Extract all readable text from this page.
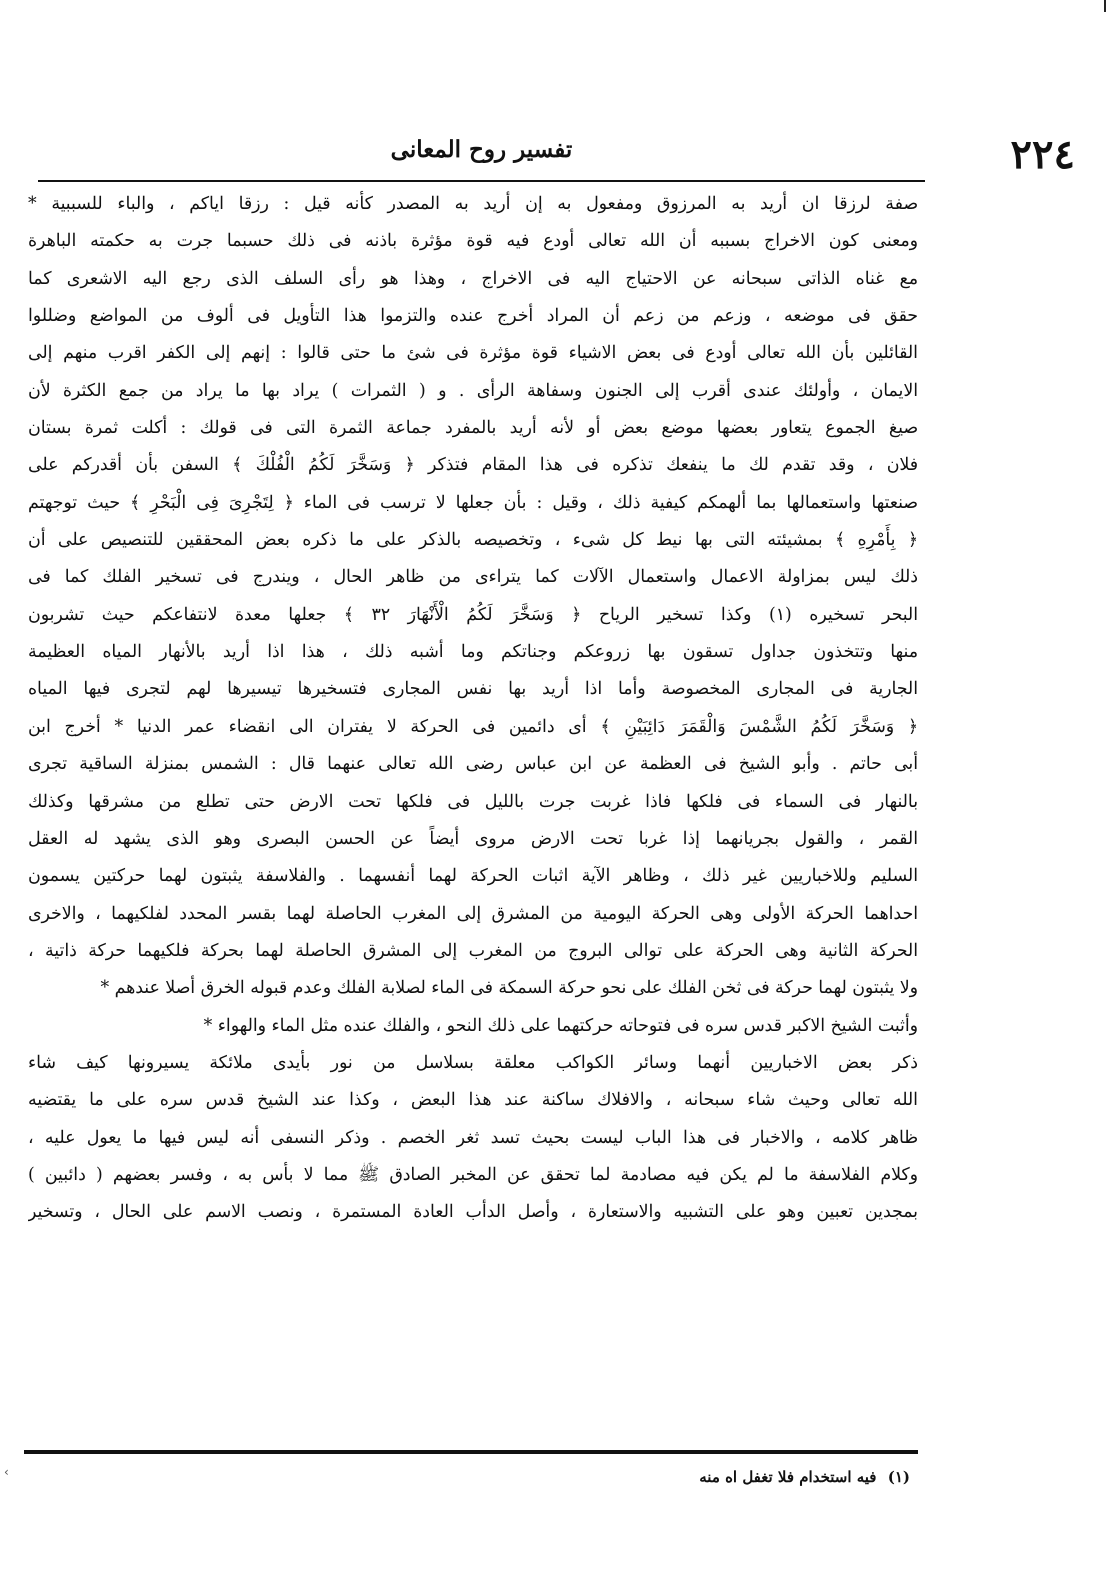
٢٢٤
تفسير روح المعانى
صفة لرزقا ان أريد به المرزوق ومفعول به إن أريد به المصدر كأنه قيل : رزقا اياكم ، والباء للسببية *
ومعنى كون الاخراج بسببه أن الله تعالى أودع فيه قوة مؤثرة باذنه فى ذلك حسبما جرت به حكمته الباهرة
مع غناه الذاتى سبحانه عن الاحتياج اليه فى الاخراج ، وهذا هو رأى السلف الذى رجع اليه الاشعرى كما
حقق فى موضعه ، وزعم من زعم أن المراد أخرج عنده والتزموا هذا التأويل فى ألوف من المواضع وضللوا
القائلين بأن الله تعالى أودع فى بعض الاشياء قوة مؤثرة فى شئ ما حتى قالوا : إنهم إلى الكفر اقرب منهم إلى
الايمان ، وأولئك عندى أقرب إلى الجنون وسفاهة الرأى . و ( الثمرات ) يراد بها ما يراد من جمع الكثرة لأن
صيغ الجموع يتعاور بعضها موضع بعض أو لأنه أريد بالمفرد جماعة الثمرة التى فى قولك : أكلت ثمرة بستان
فلان ، وقد تقدم لك ما ينفعك تذكره فى هذا المقام فتذكر ﴿ وَسَخَّرَ لَكُمُ الْفُلْكَ ﴾ السفن بأن أقدركم على
صنعتها واستعمالها بما ألهمكم كيفية ذلك ، وقيل : بأن جعلها لا ترسب فى الماء ﴿ لِتَجْرِىَ فِى الْبَحْرِ ﴾ حيث توجهتم
﴿ بِأَمْرِهِ ﴾ بمشيئته التى بها نيط كل شىء ، وتخصيصه بالذكر على ما ذكره بعض المحققين للتنصيص على أن
ذلك ليس بمزاولة الاعمال واستعمال الآلات كما يتراءى من ظاهر الحال ، ويندرج فى تسخير الفلك كما فى
البحر تسخيره (١) وكذا تسخير الرياح ﴿ وَسَخَّرَ لَكُمُ الْأَنْهَارَ ٣٢ ﴾ جعلها معدة لانتفاعكم حيث تشربون
منها وتتخذون جداول تسقون بها زروعكم وجناتكم وما أشبه ذلك ، هذا اذا أريد بالأنهار المياه العظيمة
الجارية فى المجارى المخصوصة وأما اذا أريد بها نفس المجارى فتسخيرها تيسيرها لهم لتجرى فيها المياه
﴿ وَسَخَّرَ لَكُمُ الشَّمْسَ وَالْقَمَرَ دَائِبَيْنِ ﴾ أى دائمين فى الحركة لا يفتران الى انقضاء عمر الدنيا * أخرج ابن
أبى حاتم . وأبو الشيخ فى العظمة عن ابن عباس رضى الله تعالى عنهما قال : الشمس بمنزلة الساقية تجرى
بالنهار فى السماء فى فلكها فاذا غربت جرت بالليل فى فلكها تحت الارض حتى تطلع من مشرقها وكذلك
القمر ، والقول بجريانهما إذا غربا تحت الارض مروى أيضاً عن الحسن البصرى وهو الذى يشهد له العقل
السليم وللاخباريين غير ذلك ، وظاهر الآية اثبات الحركة لهما أنفسهما . والفلاسفة يثبتون لهما حركتين يسمون
احداهما الحركة الأولى وهى الحركة اليومية من المشرق إلى المغرب الحاصلة لهما بقسر المحدد لفلكيهما ، والاخرى
الحركة الثانية وهى الحركة على توالى البروج من المغرب إلى المشرق الحاصلة لهما بحركة فلكيهما حركة ذاتية ،
ولا يثبتون لهما حركة فى ثخن الفلك على نحو حركة السمكة فى الماء لصلابة الفلك وعدم قبوله الخرق أصلا عندهم *
وأثبت الشيخ الاكبر قدس سره فى فتوحاته حركتهما على ذلك النحو ، والفلك عنده مثل الماء والهواء *
ذكر بعض الاخباريين أنهما وسائر الكواكب معلقة بسلاسل من نور بأيدى ملائكة يسيرونها كيف شاء
الله تعالى وحيث شاء سبحانه ، والافلاك ساكنة عند هذا البعض ، وكذا عند الشيخ قدس سره على ما يقتضيه
ظاهر كلامه ، والاخبار فى هذا الباب ليست بحيث تسد ثغر الخصم . وذكر النسفى أنه ليس فيها ما يعول عليه ،
وكلام الفلاسفة ما لم يكن فيه مصادمة لما تحقق عن المخبر الصادق ﷺ مما لا بأس به ، وفسر بعضهم ( دائبين )
بمجدين تعبين وهو على التشبيه والاستعارة ، وأصل الدأب العادة المستمرة ، ونصب الاسم على الحال ، وتسخير
(١) فيه استخدام فلا تغفل اه منه
‹
